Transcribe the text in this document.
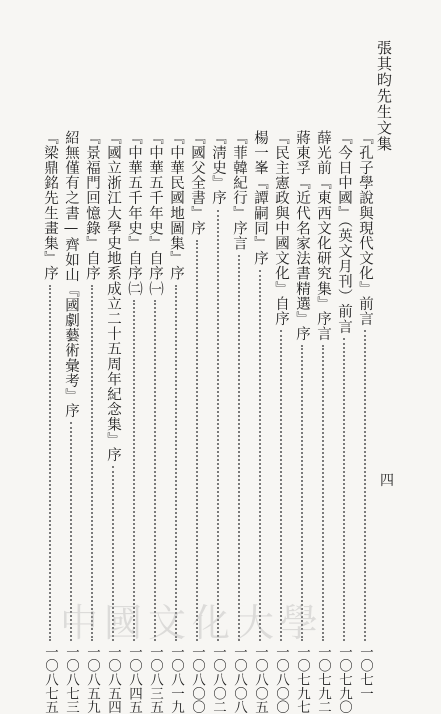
張其昀先生文集
四
『孔子學說與現代文化』前言
一〇七一
『今日中國』（英文月刊）前言
一〇七九〇
薛光前『東西文化研究集』序言
一〇七九二
蔣東孚『近代名家法書精選』序
一〇七九七
『民主憲政與中國文化』自序
一〇八〇〇
楊一峯『譚嗣同』序
一〇八〇五
『菲韓紀行』序言
一〇八〇八
『淸史』序
一〇八〇二
『國父全書』序
一〇八〇〇
『中華民國地圖集』序
一〇八一九
『中華五千年史』自序㈠
一〇八三五
『中華五千年史』自序㈡
一〇八四五
『國立浙江大學史地系成立二十五周年紀念集』序
一〇八五四
『景福門回憶錄』自序
一〇八五九
紹無僅有之書—齊如山『國劇藝術彙考』序
一〇八七三
『梁鼎銘先生畫集』序
一〇八七五
中國文化大學
